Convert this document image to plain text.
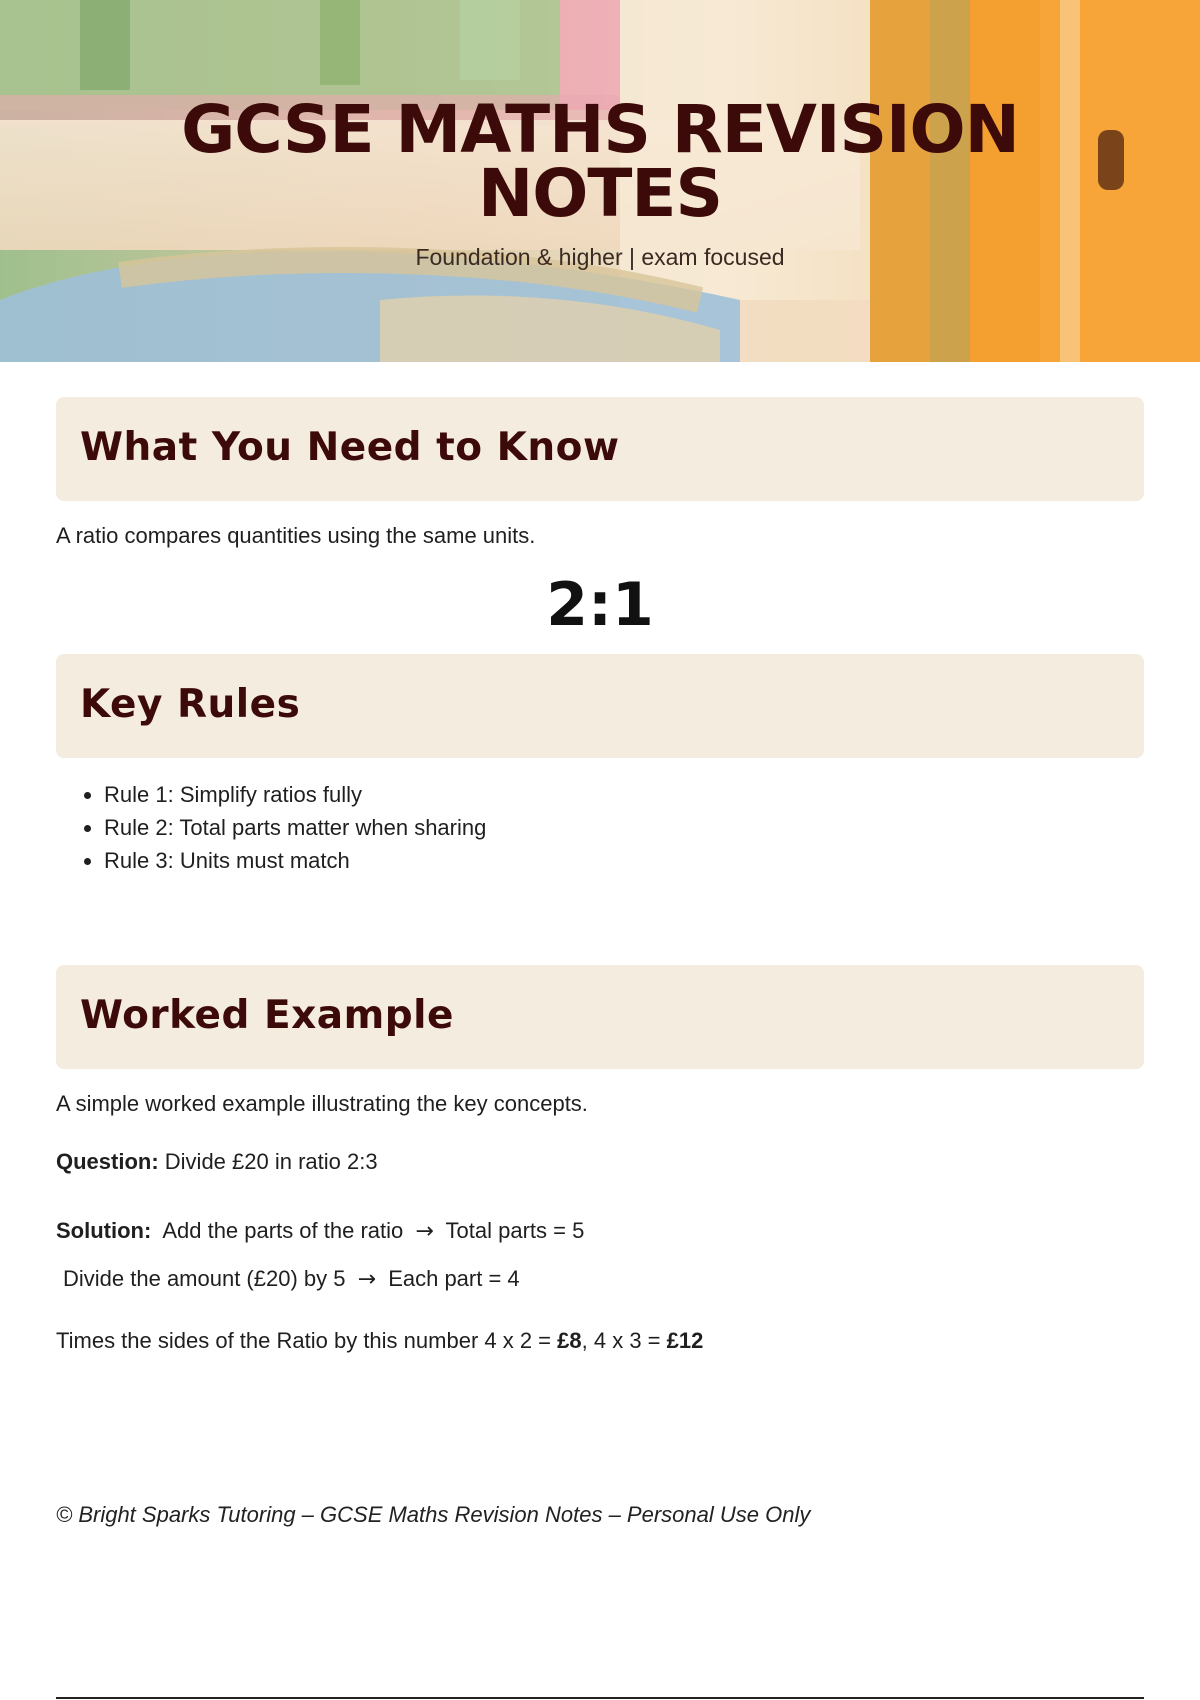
GCSE MATHS REVISION
NOTES
Foundation & higher | exam focused
What You Need to Know
A ratio compares quantities using the same units.
2:1
Key Rules
• Rule 1: Simplify ratios fully
• Rule 2: Total parts matter when sharing
• Rule 3: Units must match
Worked Example
A simple worked example illustrating the key concepts.
Question: Divide £20 in ratio 2:3
Solution: Add the parts of the ratio → Total parts = 5
Divide the amount (£20) by 5 → Each part = 4
Times the sides of the Ratio by this number 4 x 2 = £8, 4 x 3 = £12
© Bright Sparks Tutoring – GCSE Maths Revision Notes – Personal Use Only
